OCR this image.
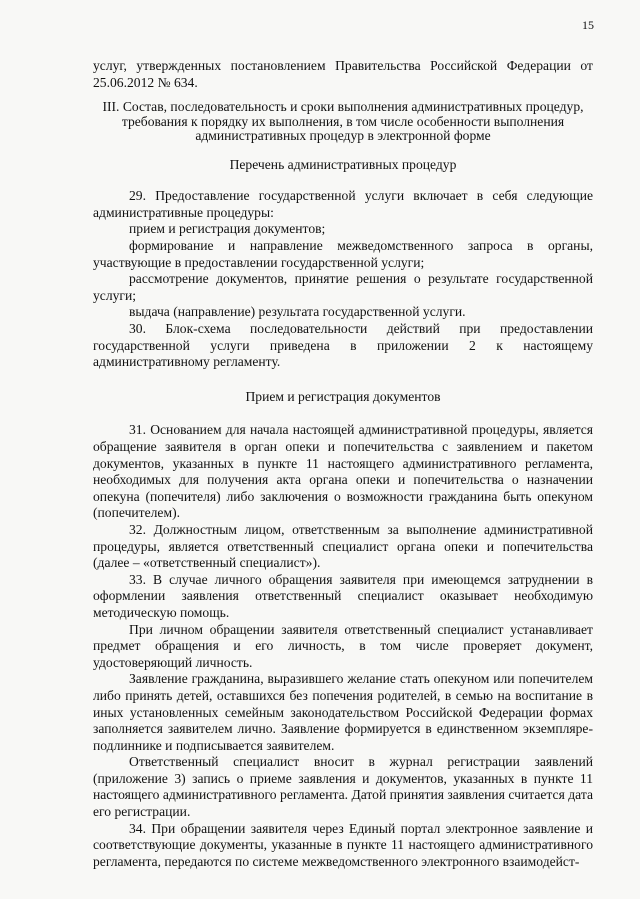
15

услуг, утвержденных постановлением Правительства Российской Федерации от 25.06.2012 № 634.

III. Состав, последовательность и сроки выполнения административных процедур,
требования к порядку их выполнения, в том числе особенности выполнения
административных процедур в электронной форме
Перечень административных процедур

29. Предоставление государственной услуги включает в себя следующие административные процедуры:

прием и регистрация документов;

формирование и направление межведомственного запроса в органы, участвующие в предоставлении государственной услуги;

рассмотрение документов, принятие решения о результате государственной услуги;

выдача (направление) результата государственной услуги.

30. Блок-схема последовательности действий при предоставлении государственной услуги приведена в приложении 2 к настоящему административному регламенту.

Прием и регистрация документов

31. Основанием для начала настоящей административной процедуры, является обращение заявителя в орган опеки и попечительства с заявлением и пакетом документов, указанных в пункте 11 настоящего административного регламента, необходимых для получения акта органа опеки и попечительства о назначении опекуна (попечителя) либо заключения о возможности гражданина быть опекуном (попечителем).

32. Должностным лицом, ответственным за выполнение административной процедуры, является ответственный специалист органа опеки и попечительства (далее – «ответственный специалист»).

33. В случае личного обращения заявителя при имеющемся затруднении в оформлении заявления ответственный специалист оказывает необходимую методическую помощь.

При личном обращении заявителя ответственный специалист устанавливает предмет обращения и его личность, в том числе проверяет документ, удостоверяющий личность.

Заявление гражданина, выразившего желание стать опекуном или попечителем либо принять детей, оставшихся без попечения родителей, в семью на воспитание в иных установленных семейным законодательством Российской Федерации формах заполняется заявителем лично. Заявление формируется в единственном экземпляре-подлиннике и подписывается заявителем.

Ответственный специалист вносит в журнал регистрации заявлений (приложение 3) запись о приеме заявления и документов, указанных в пункте 11 настоящего административного регламента. Датой принятия заявления считается дата его регистрации.

34. При обращении заявителя через Единый портал электронное заявление и соответствующие документы, указанные в пункте 11 настоящего административного регламента, передаются по системе межведомственного электронного взаимодейст-
